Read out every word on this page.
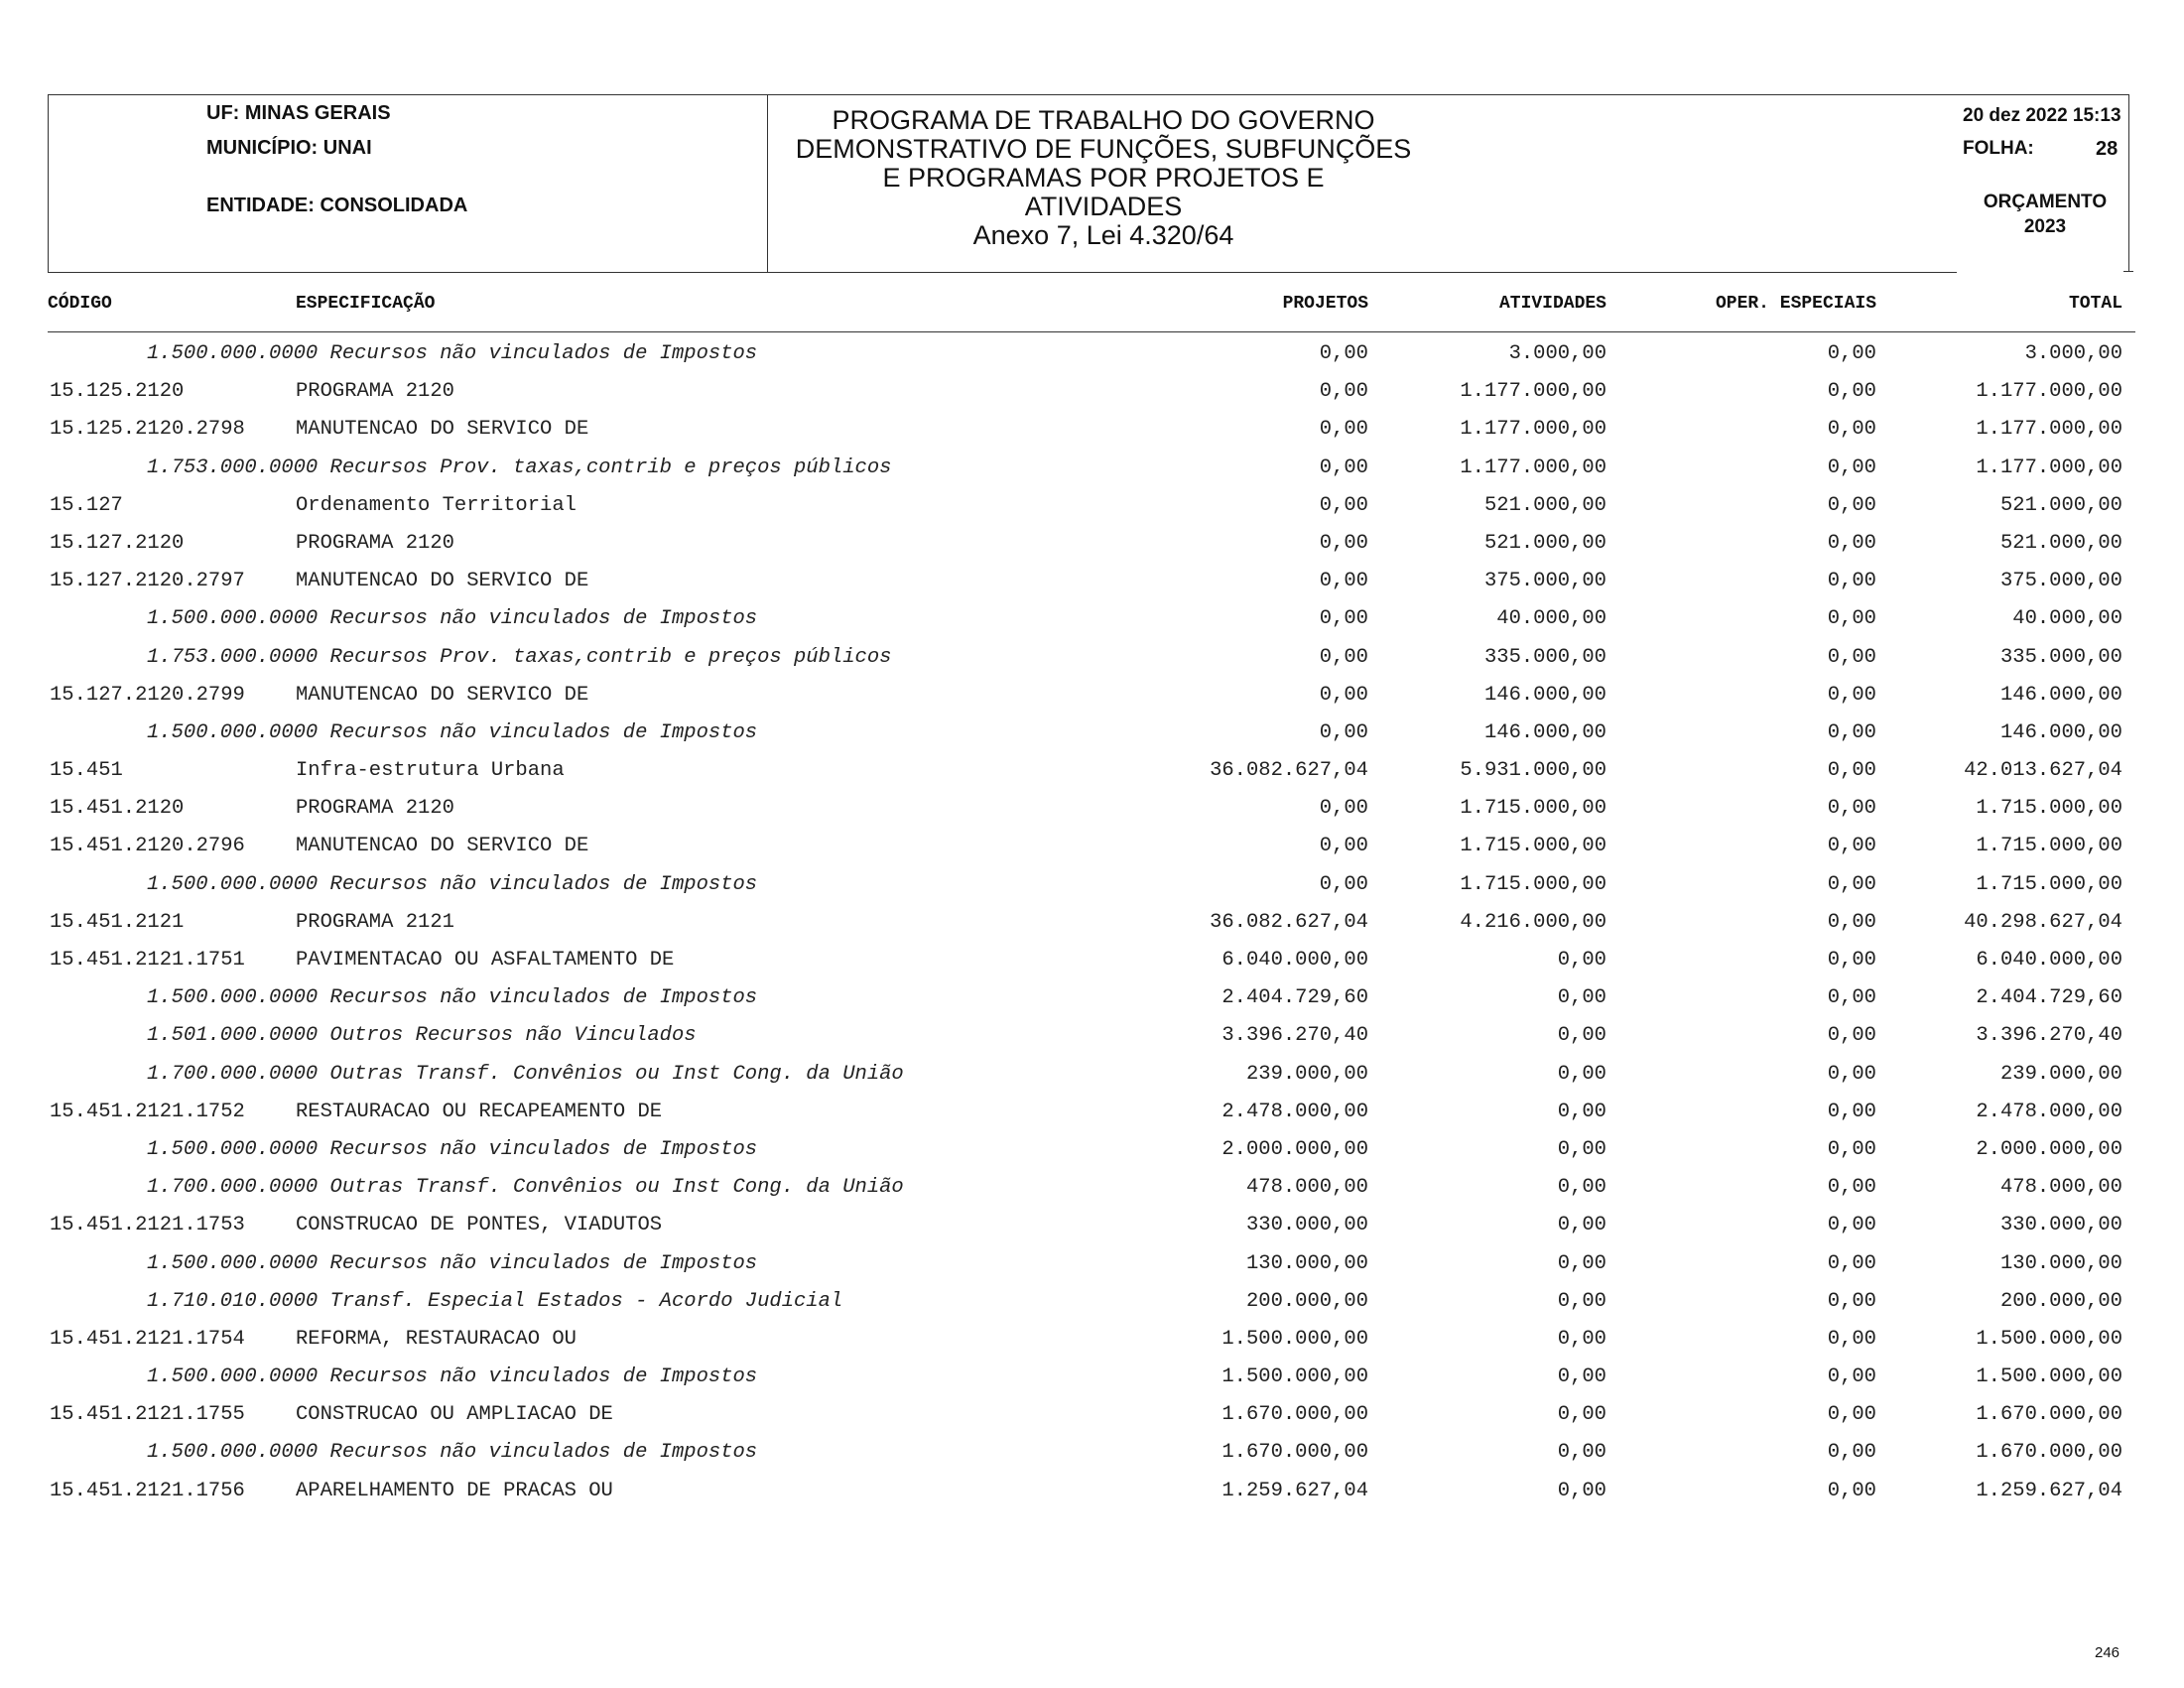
UF: MINAS GERAIS
MUNICÍPIO: UNAI
ENTIDADE: CONSOLIDADA
PROGRAMA DE TRABALHO DO GOVERNO
DEMONSTRATIVO DE FUNÇÕES, SUBFUNÇÕES
E PROGRAMAS POR PROJETOS E
ATIVIDADES
Anexo 7, Lei 4.320/64
20 dez 2022 15:13
FOLHA:	28
ORÇAMENTO
2023
CÓDIGO	ESPECIFICAÇÃO	PROJETOS	ATIVIDADES	OPER. ESPECIAIS	TOTAL
1.500.000.0000 Recursos não vinculados de Impostos	0,00	3.000,00	0,00	3.000,00
15.125.2120	PROGRAMA 2120	0,00	1.177.000,00	0,00	1.177.000,00
15.125.2120.2798 MANUTENCAO DO SERVICO DE	0,00	1.177.000,00	0,00	1.177.000,00
1.753.000.0000 Recursos Prov. taxas,contrib e preços públicos	0,00	1.177.000,00	0,00	1.177.000,00
15.127	Ordenamento Territorial	0,00	521.000,00	0,00	521.000,00
15.127.2120	PROGRAMA 2120	0,00	521.000,00	0,00	521.000,00
15.127.2120.2797 MANUTENCAO DO SERVICO DE	0,00	375.000,00	0,00	375.000,00
1.500.000.0000 Recursos não vinculados de Impostos	0,00	40.000,00	0,00	40.000,00
1.753.000.0000 Recursos Prov. taxas,contrib e preços públicos	0,00	335.000,00	0,00	335.000,00
15.127.2120.2799 MANUTENCAO DO SERVICO DE	0,00	146.000,00	0,00	146.000,00
1.500.000.0000 Recursos não vinculados de Impostos	0,00	146.000,00	0,00	146.000,00
15.451	Infra-estrutura Urbana	36.082.627,04	5.931.000,00	0,00	42.013.627,04
15.451.2120	PROGRAMA 2120	0,00	1.715.000,00	0,00	1.715.000,00
15.451.2120.2796 MANUTENCAO DO SERVICO DE	0,00	1.715.000,00	0,00	1.715.000,00
1.500.000.0000 Recursos não vinculados de Impostos	0,00	1.715.000,00	0,00	1.715.000,00
15.451.2121	PROGRAMA 2121	36.082.627,04	4.216.000,00	0,00	40.298.627,04
15.451.2121.1751 PAVIMENTACAO OU ASFALTAMENTO DE	6.040.000,00	0,00	0,00	6.040.000,00
1.500.000.0000 Recursos não vinculados de Impostos	2.404.729,60	0,00	0,00	2.404.729,60
1.501.000.0000 Outros Recursos não Vinculados	3.396.270,40	0,00	0,00	3.396.270,40
1.700.000.0000 Outras Transf. Convênios ou Inst Cong. da União	239.000,00	0,00	0,00	239.000,00
15.451.2121.1752 RESTAURACAO OU RECAPEAMENTO DE	2.478.000,00	0,00	0,00	2.478.000,00
1.500.000.0000 Recursos não vinculados de Impostos	2.000.000,00	0,00	0,00	2.000.000,00
1.700.000.0000 Outras Transf. Convênios ou Inst Cong. da União	478.000,00	0,00	0,00	478.000,00
15.451.2121.1753 CONSTRUCAO DE PONTES, VIADUTOS	330.000,00	0,00	0,00	330.000,00
1.500.000.0000 Recursos não vinculados de Impostos	130.000,00	0,00	0,00	130.000,00
1.710.010.0000 Transf. Especial Estados - Acordo Judicial	200.000,00	0,00	0,00	200.000,00
15.451.2121.1754 REFORMA, RESTAURACAO OU	1.500.000,00	0,00	0,00	1.500.000,00
1.500.000.0000 Recursos não vinculados de Impostos	1.500.000,00	0,00	0,00	1.500.000,00
15.451.2121.1755 CONSTRUCAO OU AMPLIACAO DE	1.670.000,00	0,00	0,00	1.670.000,00
1.500.000.0000 Recursos não vinculados de Impostos	1.670.000,00	0,00	0,00	1.670.000,00
15.451.2121.1756 APARELHAMENTO DE PRACAS OU	1.259.627,04	0,00	0,00	1.259.627,04
246
